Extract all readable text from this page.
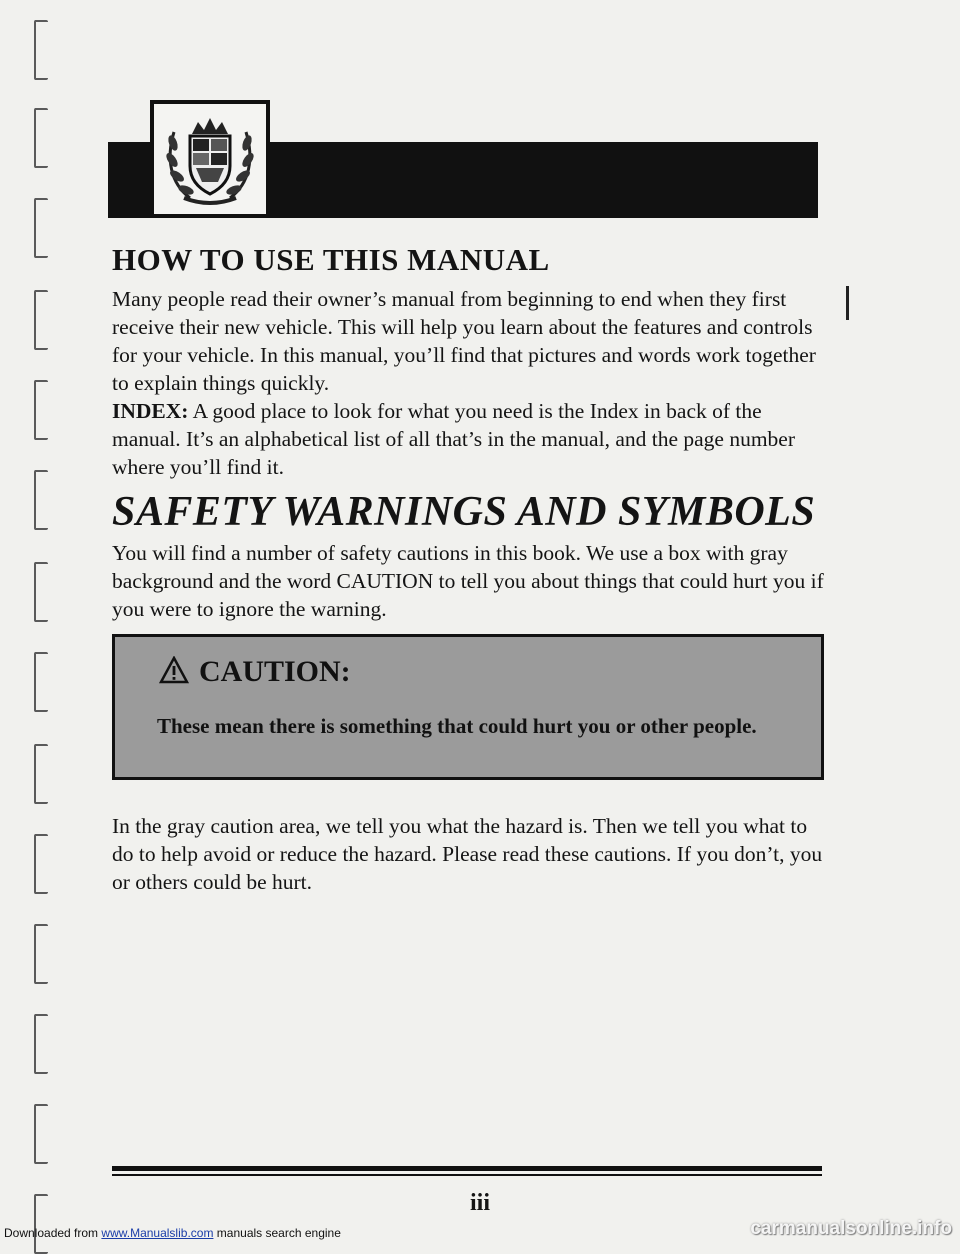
HOW TO USE THIS MANUAL

Many people read their owner’s manual from beginning to end when they first receive their new vehicle. This will help you learn about the features and controls for your vehicle. In this manual, you’ll find that pictures and words work together to explain things quickly.

INDEX: A good place to look for what you need is the Index in back of the manual. It’s an alphabetical list of all that’s in the manual, and the page number where you’ll find it.

SAFETY WARNINGS AND SYMBOLS

You will find a number of safety cautions in this book. We use a box with gray background and the word CAUTION to tell you about things that could hurt you if you were to ignore the warning.

CAUTION:
These mean there is something that could hurt you or other people.

In the gray caution area, we tell you what the hazard is. Then we tell you what to do to help avoid or reduce the hazard. Please read these cautions. If you don’t, you or others could be hurt.

iii
Downloaded from www.Manualslib.com manuals search engine	carmanualsonline.info
